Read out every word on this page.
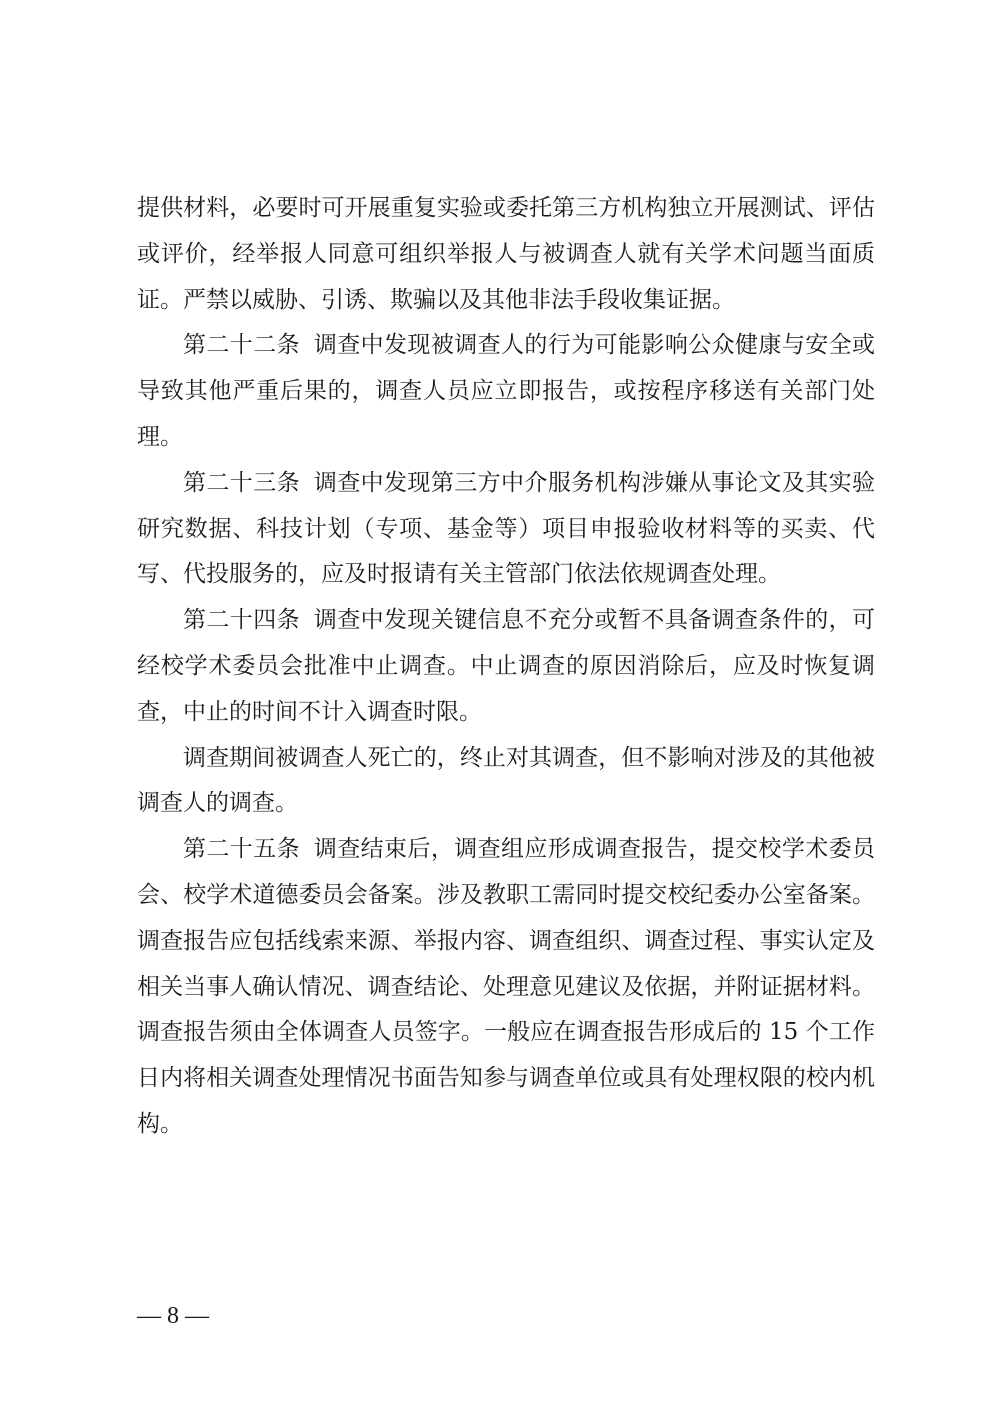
提供材料，必要时可开展重复实验或委托第三方机构独立开展测试、评估或评价，经举报人同意可组织举报人与被调查人就有关学术问题当面质证。严禁以威胁、引诱、欺骗以及其他非法手段收集证据。

第二十二条 调查中发现被调查人的行为可能影响公众健康与安全或导致其他严重后果的，调查人员应立即报告，或按程序移送有关部门处理。

第二十三条 调查中发现第三方中介服务机构涉嫌从事论文及其实验研究数据、科技计划（专项、基金等）项目申报验收材料等的买卖、代写、代投服务的，应及时报请有关主管部门依法依规调查处理。

第二十四条 调查中发现关键信息不充分或暂不具备调查条件的，可经校学术委员会批准中止调查。中止调查的原因消除后，应及时恢复调查，中止的时间不计入调查时限。

调查期间被调查人死亡的，终止对其调查，但不影响对涉及的其他被调查人的调查。

第二十五条 调查结束后，调查组应形成调查报告，提交校学术委员会、校学术道德委员会备案。涉及教职工需同时提交校纪委办公室备案。调查报告应包括线索来源、举报内容、调查组织、调查过程、事实认定及相关当事人确认情况、调查结论、处理意见建议及依据，并附证据材料。调查报告须由全体调查人员签字。一般应在调查报告形成后的 15 个工作日内将相关调查处理情况书面告知参与调查单位或具有处理权限的校内机构。

— 8 —
